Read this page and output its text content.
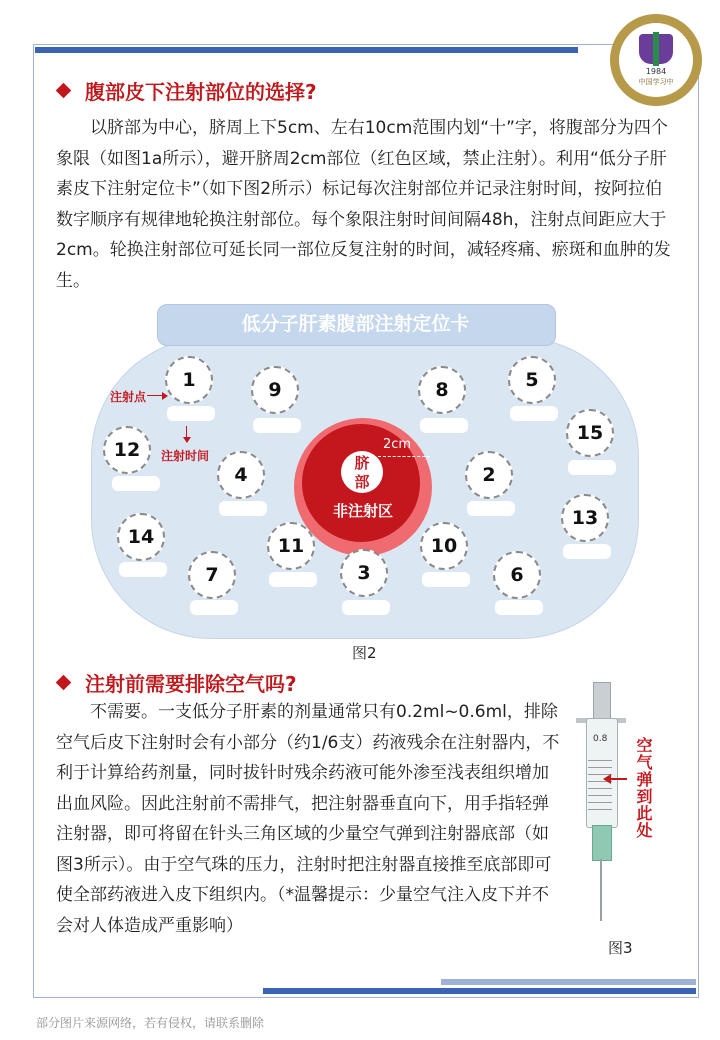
1984
中国学习中
腹部皮下注射部位的选择?
以脐部为中心，脐周上下5cm、左右10cm范围内划“十”字，将腹部分为四个象限（如图1a所示），避开脐周2cm部位（红色区域，禁止注射）。利用“低分子肝素皮下注射定位卡”（如下图2所示）标记每次注射部位并记录注射时间，按阿拉伯数字顺序有规律地轮换注射部位。每个象限注射时间间隔48h，注射点间距应大于2cm。轮换注射部位可延长同一部位反复注射的时间，减轻疼痛、瘀斑和血肿的发生。
低分子肝素腹部注射定位卡
脐
部
非注射区
2cm
注射点
注射时间
1
2
3
4
5
6
7
8
9
10
11
12
13
14
15
图2
注射前需要排除空气吗?
不需要。一支低分子肝素的剂量通常只有0.2ml~0.6ml，排除空气后皮下注射时会有小部分（约1/6支）药液残余在注射器内，不利于计算给药剂量，同时拔针时残余药液可能外渗至浅表组织增加出血风险。因此注射前不需排气，把注射器垂直向下，用手指轻弹注射器，即可将留在针头三角区域的少量空气弹到注射器底部（如图3所示）。由于空气珠的压力，注射时把注射器直接推至底部即可使全部药液进入皮下组织内。（*温馨提示：少量空气注入皮下并不会对人体造成严重影响）
0.8 空气弹到此处
图3
部分图片来源网络，若有侵权，请联系删除
